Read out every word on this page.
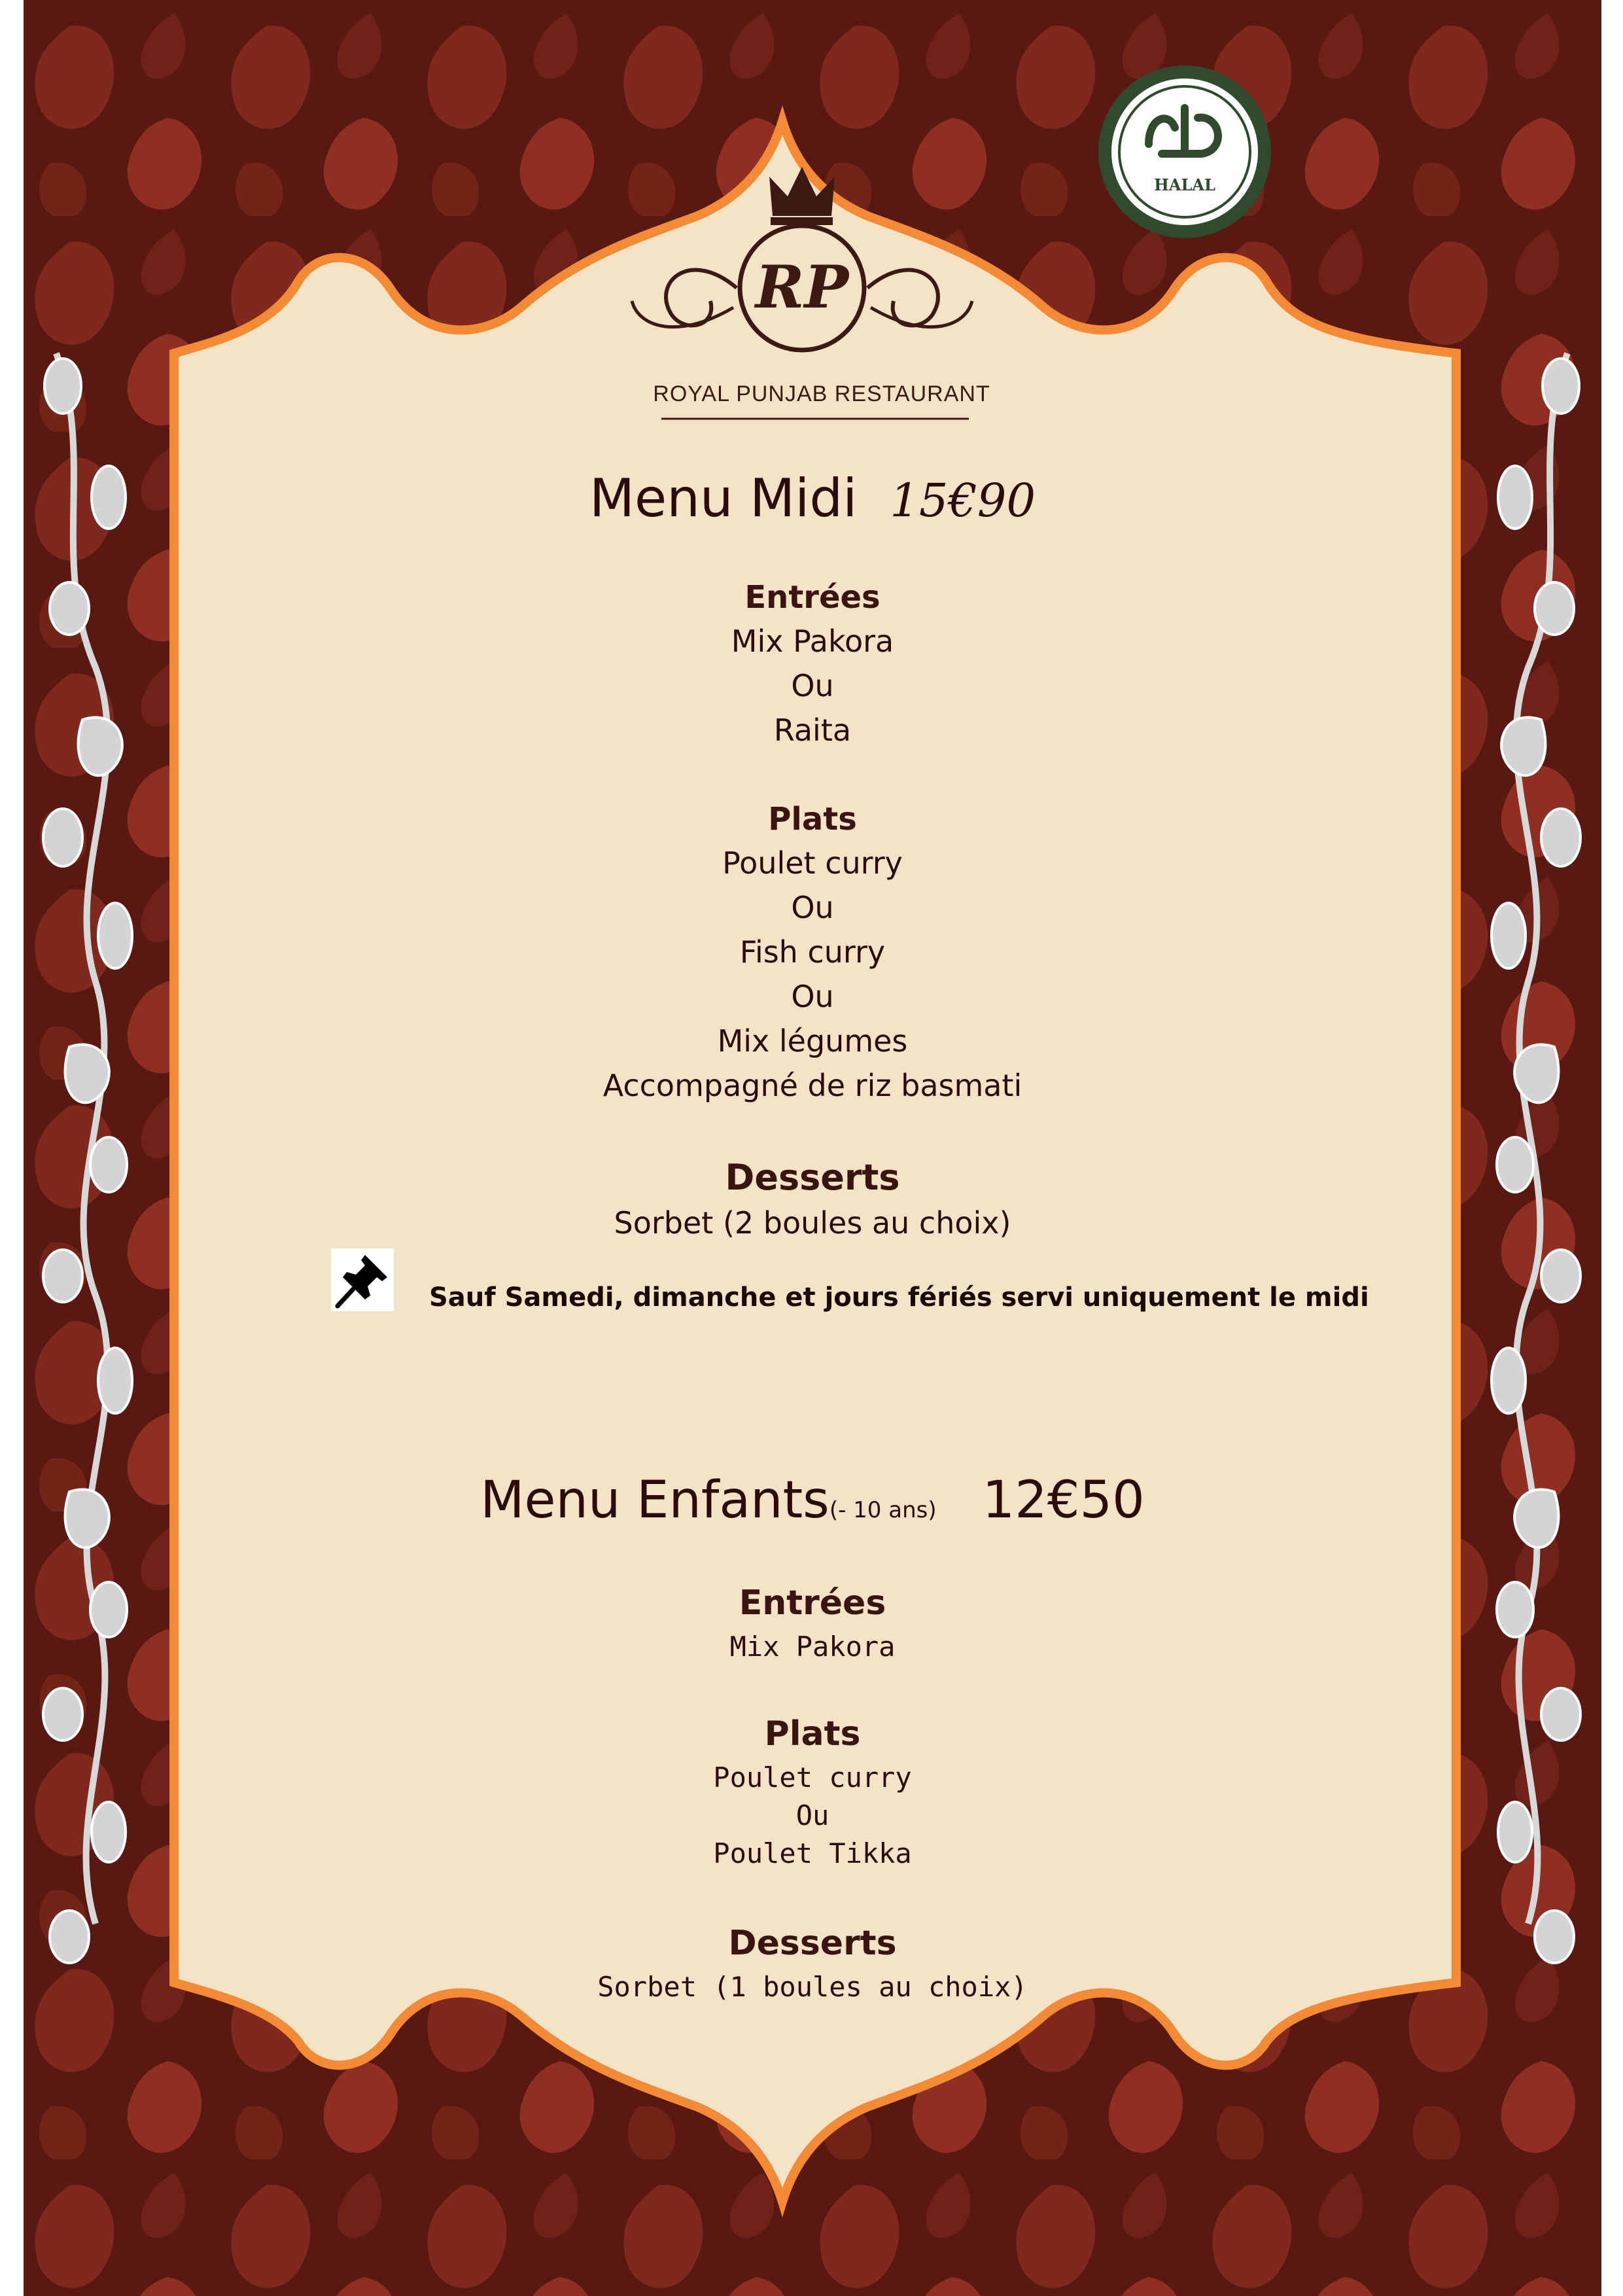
RP
ROYAL PUNJAB RESTAURANT
HALAL
Menu Midi 15€90
Entrées
Mix Pakora
Ou
Raita
Plats
Poulet curry
Ou
Fish curry
Ou
Mix légumes
Accompagné de riz basmati
Desserts
Sorbet (2 boules au choix)
Sauf Samedi, dimanche et jours fériés servi uniquement le midi
Menu Enfants(- 10 ans) 12€50
Entrées
Mix Pakora
Plats
Poulet curry
Ou
Poulet Tikka
Desserts
Sorbet (1 boules au choix)
